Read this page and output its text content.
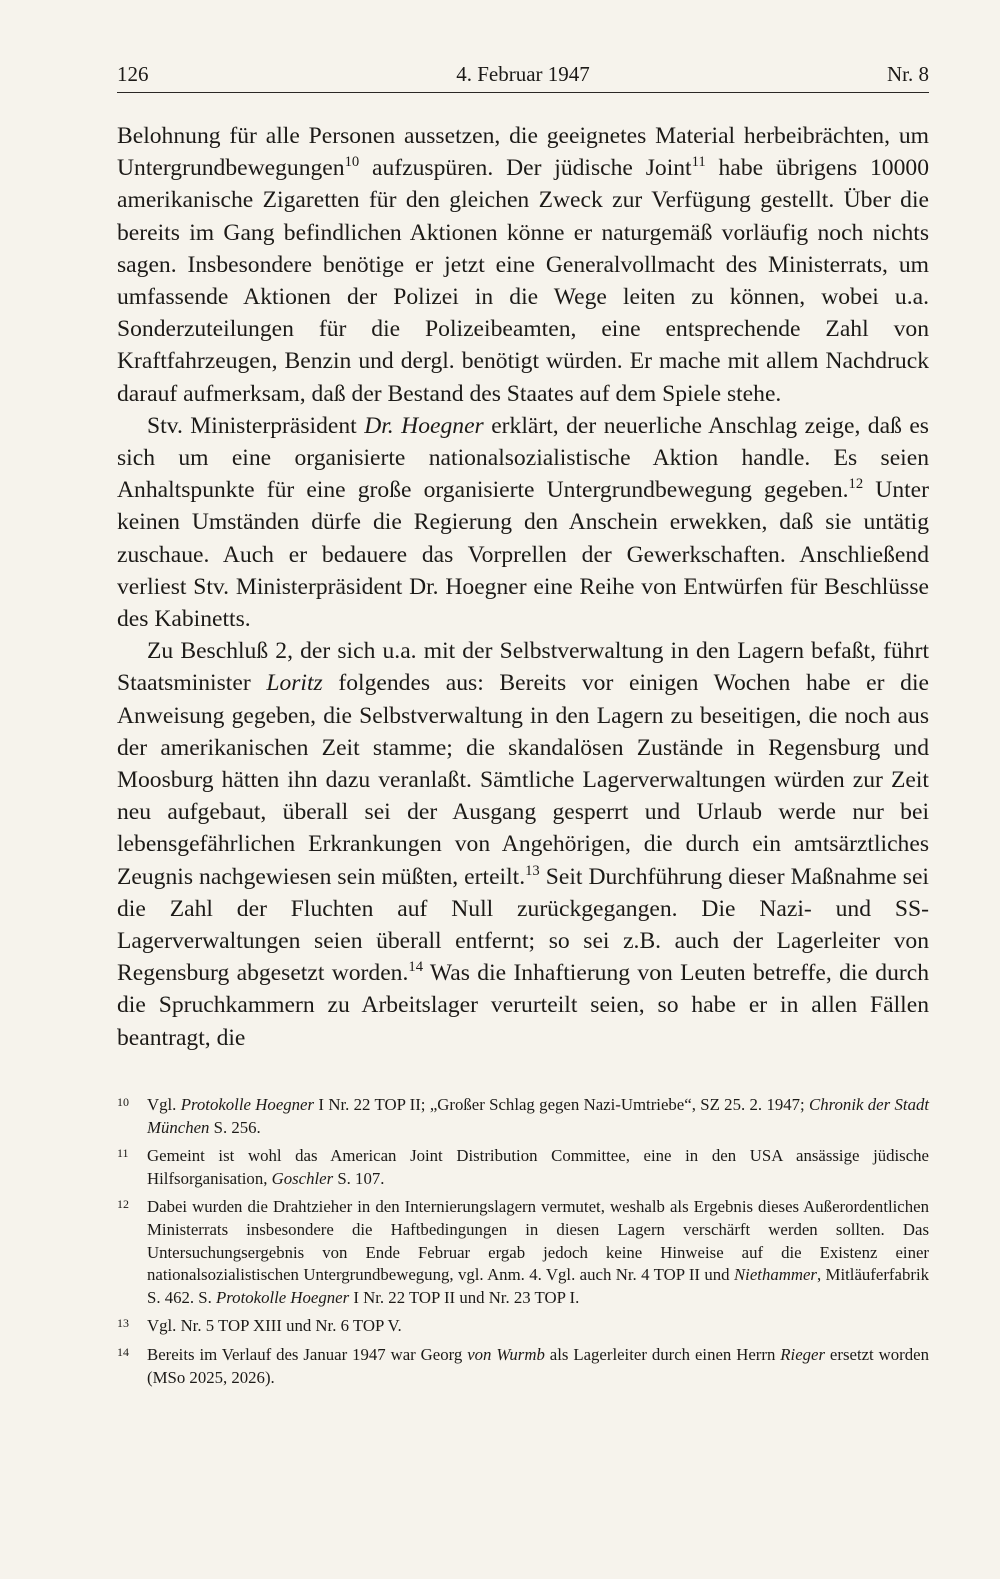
4. Februar 1947
126	Nr. 8

Belohnung für alle Personen aussetzen, die geeignetes Material herbeibrächten, um Untergrundbewegungen$^{10}$ aufzuspüren. Der jüdische Joint$^{11}$ habe übrigens 10000 amerikanische Zigaretten für den gleichen Zweck zur Verfügung gestellt. Über die bereits im Gang befindlichen Aktionen könne er naturgemäß vorläufig noch nichts sagen. Insbesondere benötige er jetzt eine Generalvollmacht des Ministerrats, um umfassende Aktionen der Polizei in die Wege leiten zu können, wobei u.a. Sonderzuteilungen für die Polizeibeamten, eine entsprechende Zahl von Kraftfahrzeugen, Benzin und dergl. benötigt würden. Er mache mit allem Nachdruck darauf aufmerksam, daß der Bestand des Staates auf dem Spiele stehe.

Stv. Ministerpräsident Dr. Hoegner erklärt, der neuerliche Anschlag zeige, daß es sich um eine organisierte nationalsozialistische Aktion handle. Es seien Anhaltspunkte für eine große organisierte Untergrundbewegung gegeben.$^{12}$ Unter keinen Umständen dürfe die Regierung den Anschein erwekken, daß sie untätig zuschaue. Auch er bedauere das Vorprellen der Gewerkschaften. Anschließend verliest Stv. Ministerpräsident Dr. Hoegner eine Reihe von Entwürfen für Beschlüsse des Kabinetts.

Zu Beschluß 2, der sich u.a. mit der Selbstverwaltung in den Lagern befaßt, führt Staatsminister Loritz folgendes aus: Bereits vor einigen Wochen habe er die Anweisung gegeben, die Selbstverwaltung in den Lagern zu beseitigen, die noch aus der amerikanischen Zeit stamme; die skandalösen Zustände in Regensburg und Moosburg hätten ihn dazu veranlaßt. Sämtliche Lagerverwaltungen würden zur Zeit neu aufgebaut, überall sei der Ausgang gesperrt und Urlaub werde nur bei lebensgefährlichen Erkrankungen von Angehörigen, die durch ein amtsärztliches Zeugnis nachgewiesen sein müßten, erteilt.$^{13}$ Seit Durchführung dieser Maßnahme sei die Zahl der Fluchten auf Null zurückgegangen. Die Nazi- und SS-Lagerverwaltungen seien überall entfernt; so sei z.B. auch der Lagerleiter von Regensburg abgesetzt worden.$^{14}$ Was die Inhaftierung von Leuten betreffe, die durch die Spruchkammern zu Arbeitslager verurteilt seien, so habe er in allen Fällen beantragt, die

10 Vgl. Protokolle Hoegner I Nr. 22 TOP II; „Großer Schlag gegen Nazi-Umtriebe“, SZ 25. 2. 1947; Chronik der Stadt München S. 256.
11 Gemeint ist wohl das American Joint Distribution Committee, eine in den USA ansässige jüdische Hilfsorganisation, Goschler S. 107.
12 Dabei wurden die Drahtzieher in den Internierungslagern vermutet, weshalb als Ergebnis dieses Außerordentlichen Ministerrats insbesondere die Haftbedingungen in diesen Lagern verschärft werden sollten. Das Untersuchungsergebnis von Ende Februar ergab jedoch keine Hinweise auf die Existenz einer nationalsozialistischen Untergrundbewegung, vgl. Anm. 4. Vgl. auch Nr. 4 TOP II und Niethammer, Mitläuferfabrik S. 462. S. Protokolle Hoegner I Nr. 22 TOP II und Nr. 23 TOP I.
13 Vgl. Nr. 5 TOP XIII und Nr. 6 TOP V.
14 Bereits im Verlauf des Januar 1947 war Georg von Wurmb als Lagerleiter durch einen Herrn Rieger ersetzt worden (MSo 2025, 2026).
